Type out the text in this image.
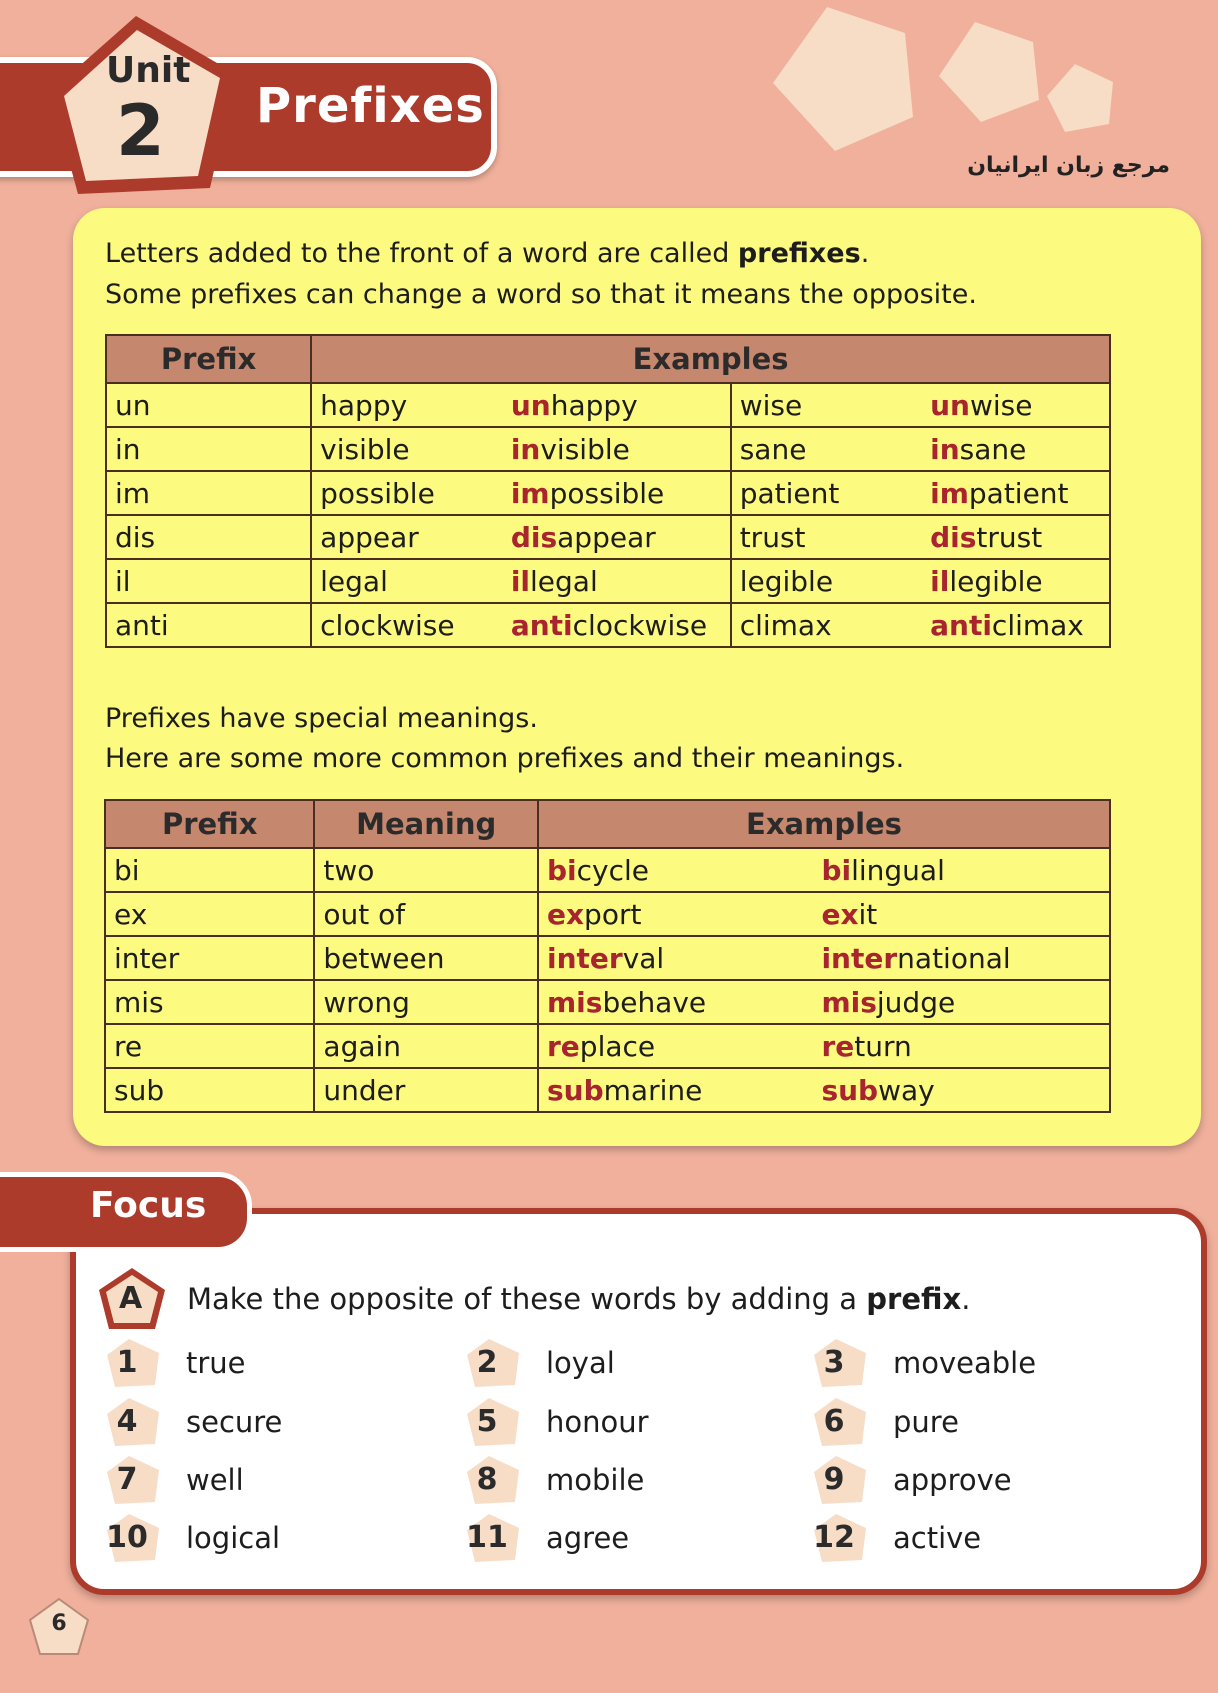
Prefixes
Unit
2	مرجع زبان ایرانیان
Letters added to the front of a word are called prefixes.
Some prefixes can change a word so that it means the opposite.
Prefix	Examples			
un	happy	unhappy	wise	unwise
in	visible	invisible	sane	insane
im	possible	impossible	patient	impatient
dis	appear	disappear	trust	distrust
il	legal	illegal	legible	illegible
anti	clockwise	anticlockwise	climax	anticlimax
Prefixes have special meanings.
Here are some more common prefixes and their meanings.
Prefix	Meaning	Examples	
bi	two	bicycle	bilingual
ex	out of	export	exit
inter	between	interval	international
mis	wrong	misbehave	misjudge
re	again	replace	return
sub	under	submarine	subway
Focus
A Make the opposite of these words by adding a prefix.
1	true	2	loyal	3	moveable
4	secure	5	honour	6	pure
7	well	8	mobile	9	approve
10 logical	11 agree	12 active
6
